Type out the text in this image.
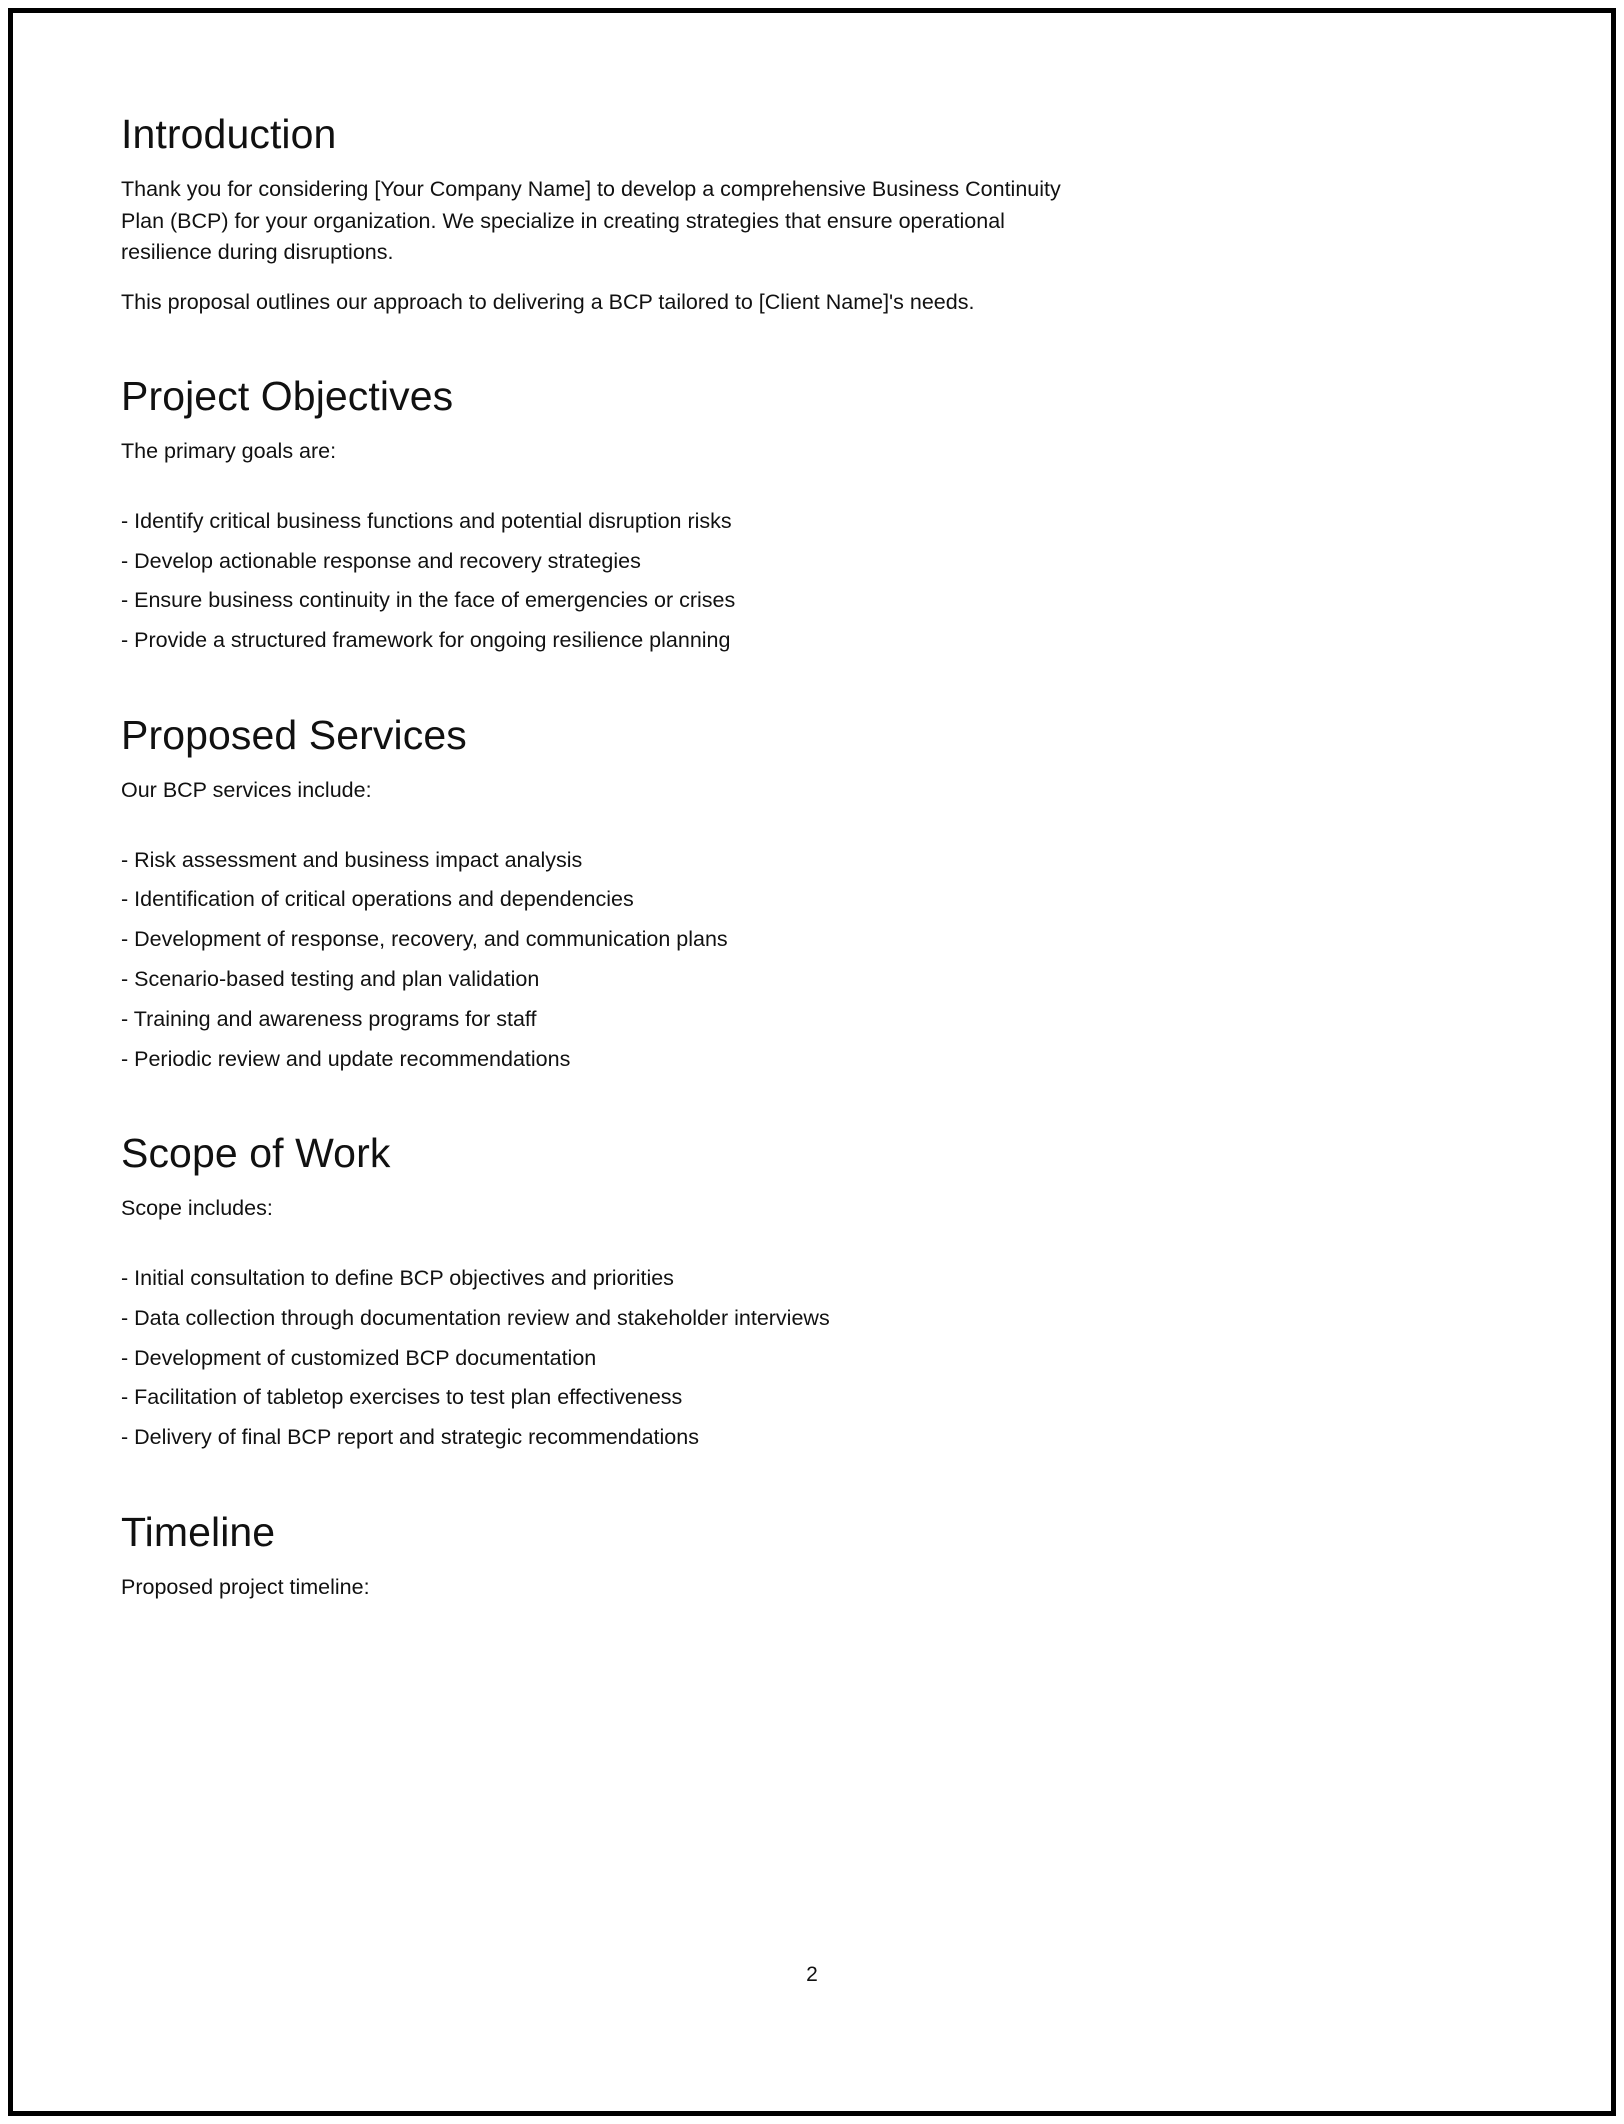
Introduction

Thank you for considering [Your Company Name] to develop a comprehensive Business Continuity Plan (BCP) for your organization. We specialize in creating strategies that ensure operational resilience during disruptions.

This proposal outlines our approach to delivering a BCP tailored to [Client Name]'s needs.

Project Objectives

The primary goals are:

- Identify critical business functions and potential disruption risks
- Develop actionable response and recovery strategies
- Ensure business continuity in the face of emergencies or crises
- Provide a structured framework for ongoing resilience planning
Proposed Services

Our BCP services include:

- Risk assessment and business impact analysis
- Identification of critical operations and dependencies
- Development of response, recovery, and communication plans
- Scenario-based testing and plan validation
- Training and awareness programs for staff
- Periodic review and update recommendations
Scope of Work

Scope includes:

- Initial consultation to define BCP objectives and priorities
- Data collection through documentation review and stakeholder interviews
- Development of customized BCP documentation
- Facilitation of tabletop exercises to test plan effectiveness
- Delivery of final BCP report and strategic recommendations
Timeline

Proposed project timeline:

2
